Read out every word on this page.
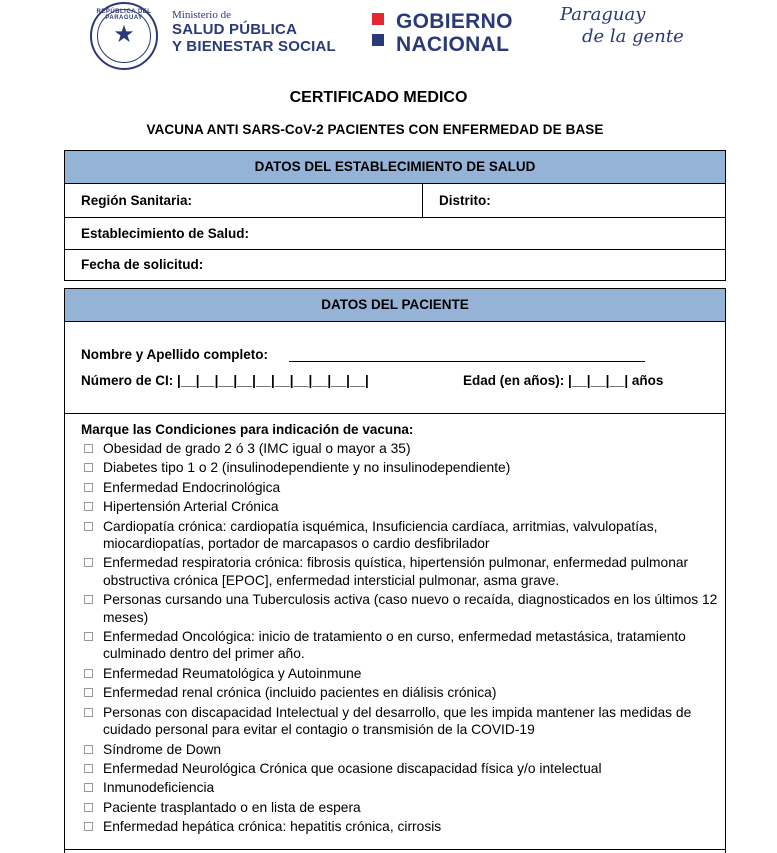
REPÚBLICA DEL PARAGUAY
★
Ministerio de
SALUD PÚBLICA
Y BIENESTAR SOCIAL
GOBIERNO
NACIONAL
Paraguay
de la gente
CERTIFICADO MEDICO
VACUNA ANTI SARS-CoV-2 PACIENTES CON ENFERMEDAD DE BASE
DATOS DEL ESTABLECIMIENTO DE SALUD
Región Sanitaria:	Distrito:
Establecimiento de Salud:
Fecha de solicitud:
DATOS DEL PACIENTE
Nombre y Apellido completo:
Número de CI: |__|__|__|__|__|__|__|__|__|__|	Edad (en años): |__|__|__| años
Marque las Condiciones para indicación de vacuna:
Obesidad de grado 2 ó 3 (IMC igual o mayor a 35)
Diabetes tipo 1 o 2 (insulinodependiente y no insulinodependiente)
Enfermedad Endocrinológica
Hipertensión Arterial Crónica
Cardiopatía crónica: cardiopatía isquémica, Insuficiencia cardíaca, arritmias, valvulopatías, miocardiopatías, portador de marcapasos o cardio desfibrilador
Enfermedad respiratoria crónica: fibrosis quística, hipertensión pulmonar, enfermedad pulmonar obstructiva crónica [EPOC], enfermedad intersticial pulmonar, asma grave.
Personas cursando una Tuberculosis activa (caso nuevo o recaída, diagnosticados en los últimos 12 meses)
Enfermedad Oncológica: inicio de tratamiento o en curso, enfermedad metastásica, tratamiento culminado dentro del primer año.
Enfermedad Reumatológica y Autoinmune
Enfermedad renal crónica (incluido pacientes en diálisis crónica)
Personas con discapacidad Intelectual y del desarrollo, que les impida mantener las medidas de cuidado personal para evitar el contagio o transmisión de la COVID-19
Síndrome de Down
Enfermedad Neurológica Crónica que ocasione discapacidad física y/o intelectual
Inmunodeficiencia
Paciente trasplantado o en lista de espera
Enfermedad hepática crónica: hepatitis crónica, cirrosis
